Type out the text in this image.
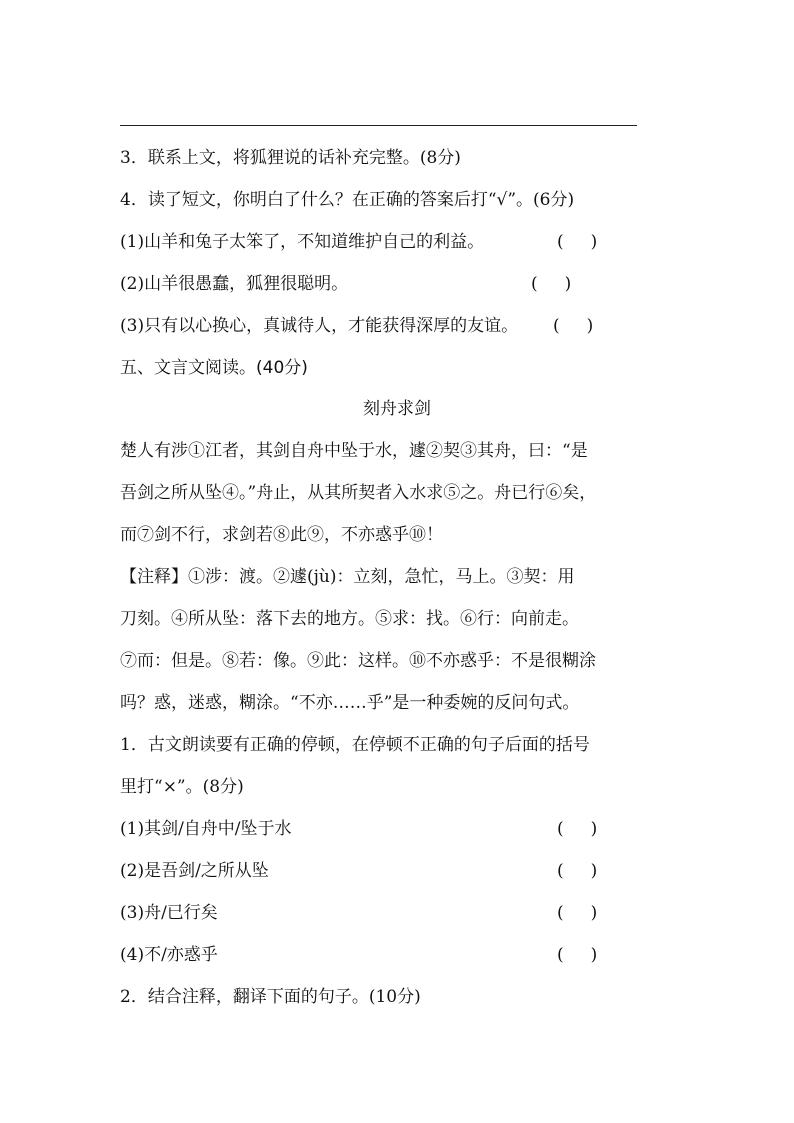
3．联系上文，将狐狸说的话补充完整。(8分)
4．读了短文，你明白了什么？在正确的答案后打“√”。(6分)
(1)山羊和兔子太笨了，不知道维护自己的利益。	(     )
(2)山羊很愚蠢，狐狸很聪明。	(     )
(3)只有以心换心，真诚待人，才能获得深厚的友谊。 (     )
五、文言文阅读。(40分)
刻舟求剑
楚人有涉①江者，其剑自舟中坠于水，遽②契③其舟，曰：“是
吾剑之所从坠④。”舟止，从其所契者入水求⑤之。舟已行⑥矣，
而⑦剑不行，求剑若⑧此⑨，不亦惑乎⑩！
【注释】①涉：渡。②遽(jù)：立刻，急忙，马上。③契：用
刀刻。④所从坠：落下去的地方。⑤求：找。⑥行：向前走。
⑦而：但是。⑧若：像。⑨此：这样。⑩不亦惑乎：不是很糊涂
吗？惑，迷惑，糊涂。“不亦……乎”是一种委婉的反问句式。
1．古文朗读要有正确的停顿，在停顿不正确的句子后面的括号
里打“×”。(8分)
(1)其剑/自舟中/坠于水	(     )
(2)是吾剑/之所从坠	(     )
(3)舟/已行矣	(     )
(4)不/亦惑乎	(     )
2．结合注释，翻译下面的句子。(10分)
